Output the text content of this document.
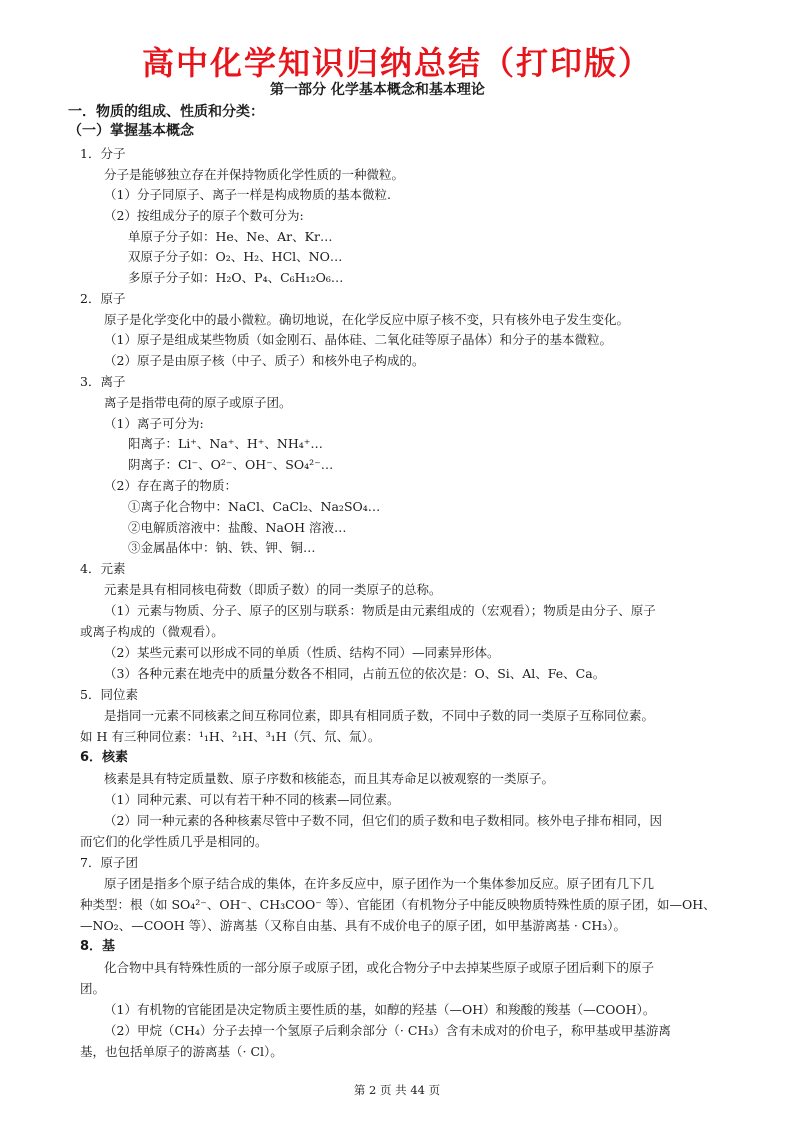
高中化学知识归纳总结（打印版）
第一部分 化学基本概念和基本理论
一．物质的组成、性质和分类：
（一）掌握基本概念
1．分子
分子是能够独立存在并保持物质化学性质的一种微粒。
（1）分子同原子、离子一样是构成物质的基本微粒.
（2）按组成分子的原子个数可分为:
单原子分子如：He、Ne、Ar、Kr…
双原子分子如：O₂、H₂、HCl、NO…
多原子分子如：H₂O、P₄、C₆H₁₂O₆…
2．原子
原子是化学变化中的最小微粒。确切地说，在化学反应中原子核不变，只有核外电子发生变化。
（1）原子是组成某些物质（如金刚石、晶体硅、二氧化硅等原子晶体）和分子的基本微粒。
（2）原子是由原子核（中子、质子）和核外电子构成的。
3．离子
离子是指带电荷的原子或原子团。
（1）离子可分为:
阳离子：Li⁺、Na⁺、H⁺、NH₄⁺…
阴离子：Cl⁻、O²⁻、OH⁻、SO₄²⁻…
（2）存在离子的物质：
①离子化合物中：NaCl、CaCl₂、Na₂SO₄…
②电解质溶液中：盐酸、NaOH 溶液…
③金属晶体中：钠、铁、钾、铜…
4．元素
元素是具有相同核电荷数（即质子数）的同一类原子的总称。
（1）元素与物质、分子、原子的区别与联系：物质是由元素组成的（宏观看）；物质是由分子、原子
或离子构成的（微观看）。
（2）某些元素可以形成不同的单质（性质、结构不同）—同素异形体。
（3）各种元素在地壳中的质量分数各不相同，占前五位的依次是：O、Si、Al、Fe、Ca。
5．同位素
是指同一元素不同核素之间互称同位素，即具有相同质子数，不同中子数的同一类原子互称同位素。
如 H 有三种同位素：¹₁H、²₁H、³₁H（氕、氘、氚）。
6．核素
核素是具有特定质量数、原子序数和核能态，而且其寿命足以被观察的一类原子。
（1）同种元素、可以有若干种不同的核素—同位素。
（2）同一种元素的各种核素尽管中子数不同，但它们的质子数和电子数相同。核外电子排布相同，因
而它们的化学性质几乎是相同的。
7．原子团
原子团是指多个原子结合成的集体，在许多反应中，原子团作为一个集体参加反应。原子团有几下几
种类型：根（如 SO₄²⁻、OH⁻、CH₃COO⁻ 等）、官能团（有机物分子中能反映物质特殊性质的原子团，如—OH、
—NO₂、—COOH 等）、游离基（又称自由基、具有不成价电子的原子团，如甲基游离基 · CH₃）。
8．基
化合物中具有特殊性质的一部分原子或原子团，或化合物分子中去掉某些原子或原子团后剩下的原子
团。
（1）有机物的官能团是决定物质主要性质的基，如醇的羟基（—OH）和羧酸的羧基（—COOH）。
（2）甲烷（CH₄）分子去掉一个氢原子后剩余部分（· CH₃）含有未成对的价电子，称甲基或甲基游离
基，也包括单原子的游离基（· Cl）。
第 2 页 共 44 页
